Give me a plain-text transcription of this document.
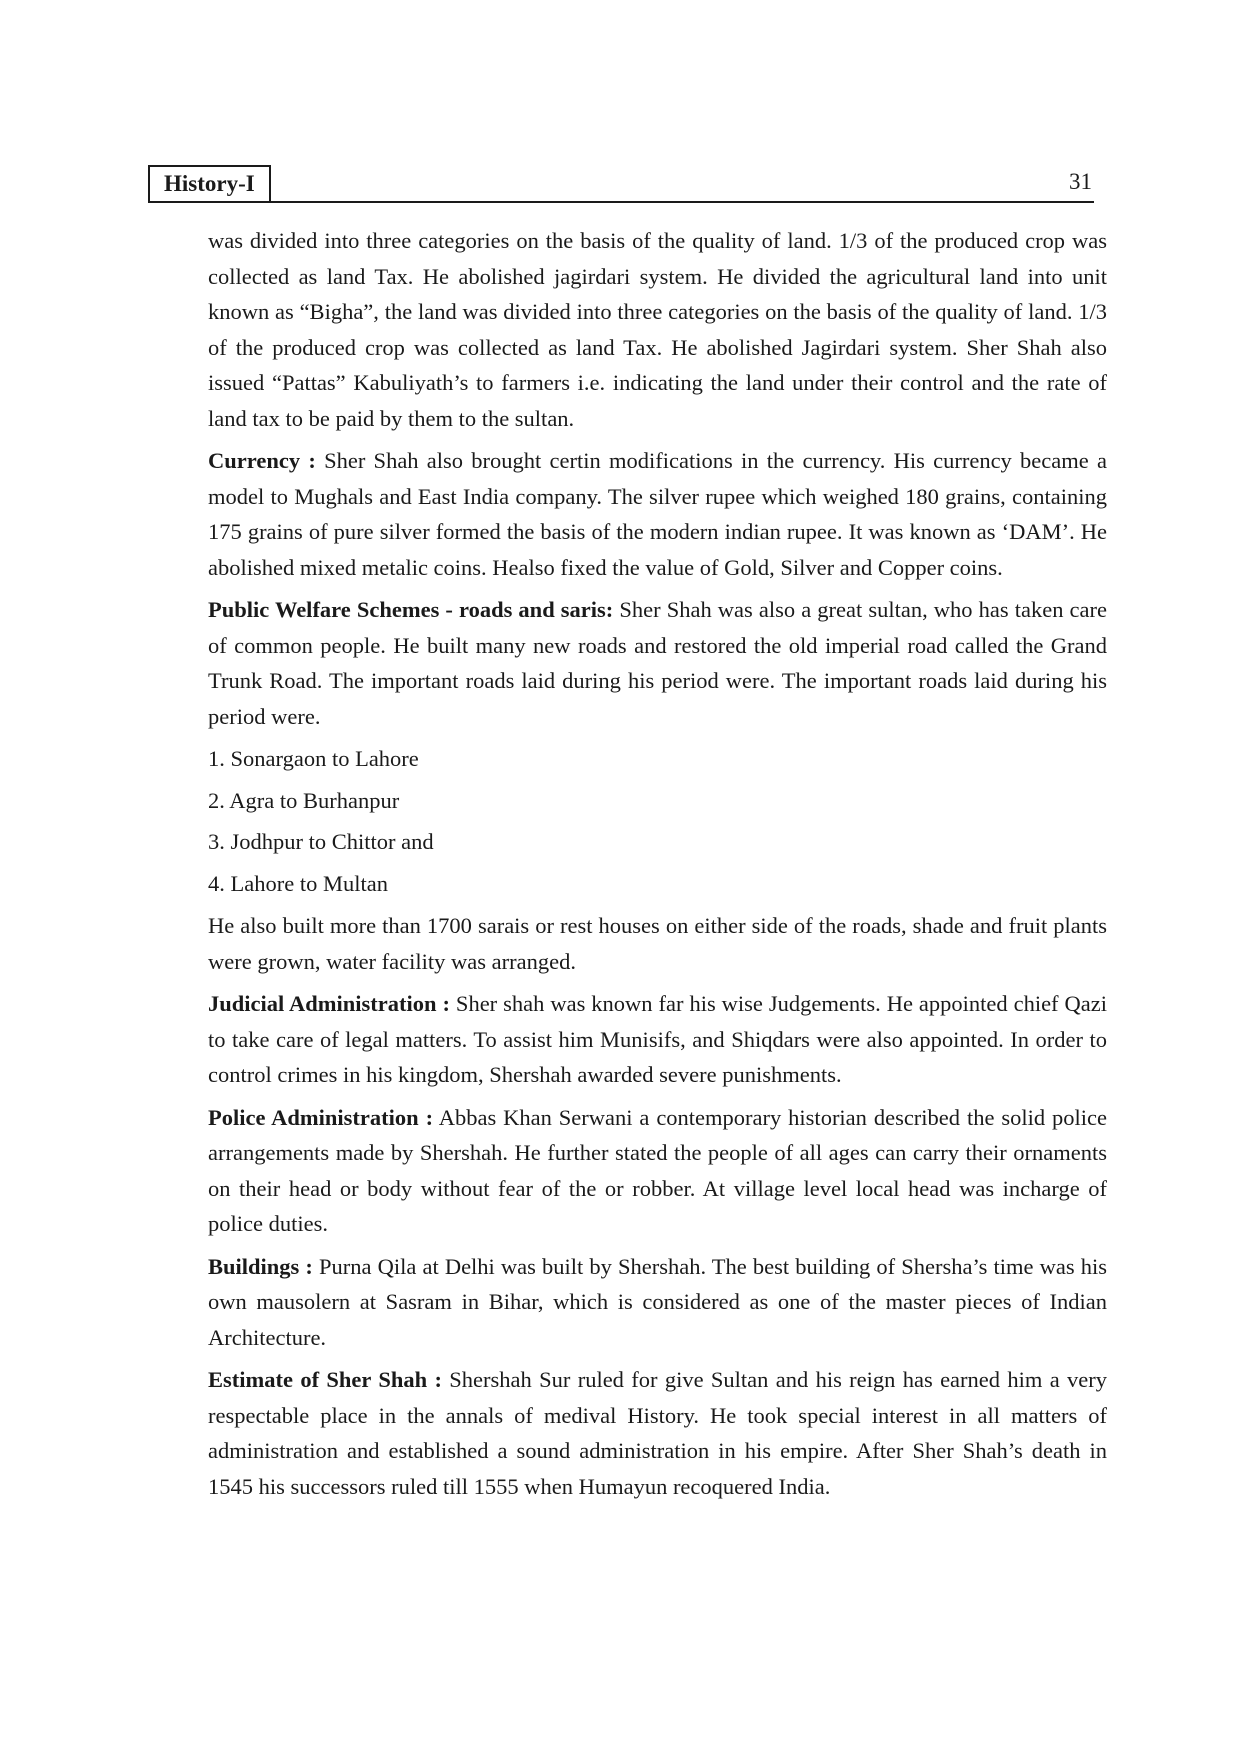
History-I	31

was divided into three categories on the basis of the quality of land. 1/3 of the produced crop was collected as land Tax. He abolished jagirdari system. He divided the agricultural land into unit known as “Bigha”, the land was divided into three categories on the basis of the quality of land. 1/3 of the produced crop was collected as land Tax. He abolished Jagirdari system. Sher Shah also issued “Pattas” Kabuliyath’s to farmers i.e. indicating the land under their control and the rate of land tax to be paid by them to the sultan.

Currency : Sher Shah also brought certin modifications in the currency. His currency became a model to Mughals and East India company. The silver rupee which weighed 180 grains, containing 175 grains of pure silver formed the basis of the modern indian rupee. It was known as ‘DAM’. He abolished mixed metalic coins. Healso fixed the value of Gold, Silver and Copper coins.

Public Welfare Schemes - roads and saris: Sher Shah was also a great sultan, who has taken care of common people. He built many new roads and restored the old imperial road called the Grand Trunk Road. The important roads laid during his period were. The important roads laid during his period were.

1. Sonargaon to Lahore
2. Agra to Burhanpur
3. Jodhpur to Chittor and
4. Lahore to Multan

He also built more than 1700 sarais or rest houses on either side of the roads, shade and fruit plants were grown, water facility was arranged.

Judicial Administration : Sher shah was known far his wise Judgements. He appointed chief Qazi to take care of legal matters. To assist him Munisifs, and Shiqdars were also appointed. In order to control crimes in his kingdom, Shershah awarded severe punishments.

Police Administration : Abbas Khan Serwani a contemporary historian described the solid police arrangements made by Shershah. He further stated the people of all ages can carry their ornaments on their head or body without fear of the or robber. At village level local head was incharge of police duties.

Buildings : Purna Qila at Delhi was built by Shershah. The best building of Shersha’s time was his own mausolern at Sasram in Bihar, which is considered as one of the master pieces of Indian Architecture.

Estimate of Sher Shah : Shershah Sur ruled for give Sultan and his reign has earned him a very respectable place in the annals of medival History. He took special interest in all matters of administration and established a sound administration in his empire. After Sher Shah’s death in 1545 his successors ruled till 1555 when Humayun recoquered India.
